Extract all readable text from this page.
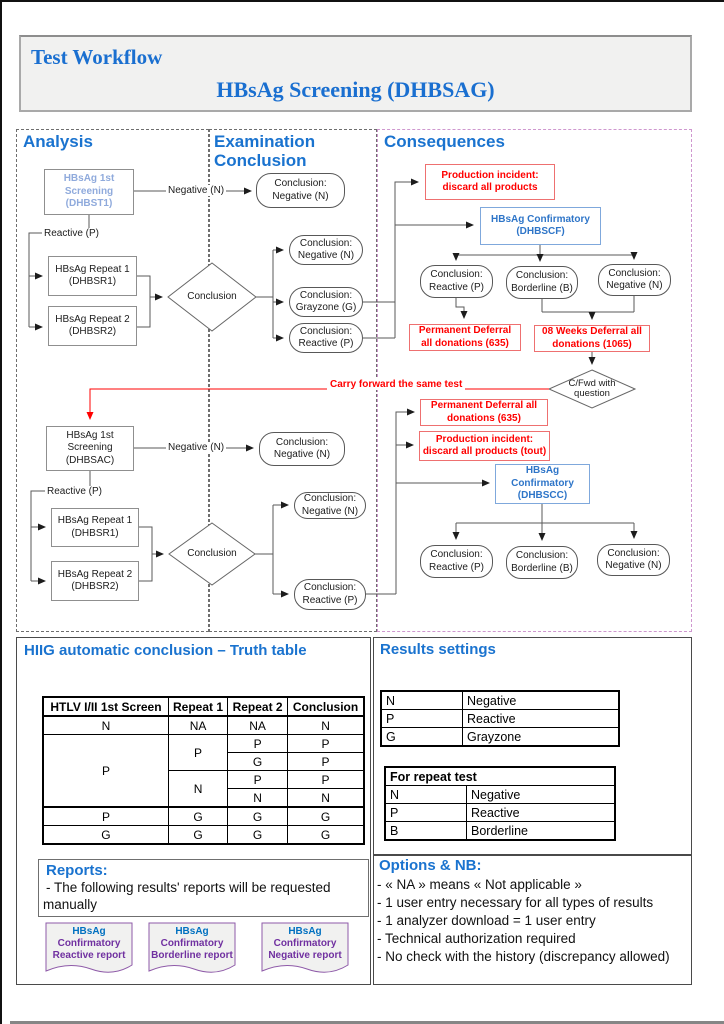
Test Workflow
HBsAg Screening (DHBSAG)
Analysis	Examination Conclusion
Consequences
HBsAg 1st Screening (DHBST1)
Negative (N)
Conclusion: Negative (N)
Reactive (P)
HBsAg Repeat 1 (DHBSR1)
HBsAg Repeat 2 (DHBSR2)
Conclusion
Conclusion: Negative (N)
Conclusion: Grayzone (G)
Conclusion: Reactive (P)
Production incident: discard all products
HBsAg Confirmatory (DHBSCF)
Conclusion: Reactive (P)
Conclusion: Borderline (B)
Conclusion: Negative (N)
Permanent Deferral all donations (635)
08 Weeks Deferral all donations (1065)
C/Fwd with question
Carry forward the same test
HBsAg 1st Screening (DHBSAC)
Negative (N)	Conclusion: Negative (N)
Reactive (P)
HBsAg Repeat 1 (DHBSR1)
HBsAg Repeat 2 (DHBSR2)
Conclusion
Conclusion: Negative (N)
Conclusion: Reactive (P)
Permanent Deferral all donations (635)
Production incident: discard all products (tout)
HBsAg Confirmatory (DHBSCC)
Conclusion: Reactive (P)
Conclusion: Borderline (B)
Conclusion: Negative (N)
HIIG automatic conclusion – Truth table
HTLV I/II 1st Screen	Repeat 1	Repeat 2	Conclusion
N	NA	NA	N
P	P	P	P
		G	P
	N	P	P
		N	N
P	G	G	G
G	G	G	G
Results settings
N	Negative
P	Reactive
G	Grayzone
For repeat test	
N	Negative
P	Reactive
B	Borderline
Reports:
- The following results' reports will be requested
manually
HBsAg
Confirmatory
Reactive report
HBsAg
Confirmatory
Borderline report
HBsAg
Confirmatory
Negative report
Options & NB:
- « NA » means « Not applicable »
- 1 user entry necessary for all types of results
- 1 analyzer download = 1 user entry
- Technical authorization required
- No check with the history (discrepancy allowed)
